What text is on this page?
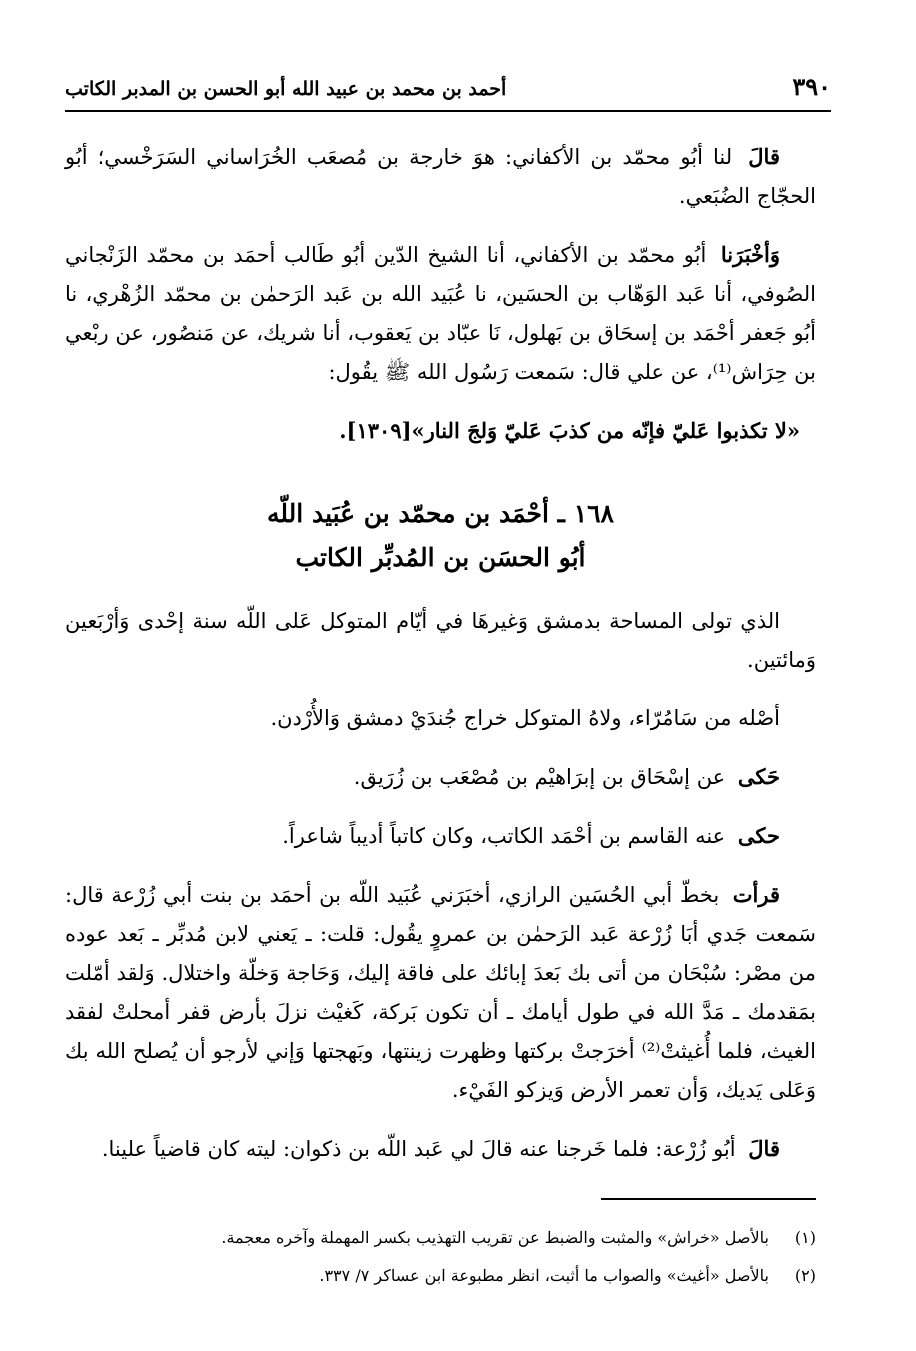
٣٩٠
أحمد بن محمد بن عبيد الله أبو الحسن بن المدبر الكاتب

قالَ لنا أبُو محمّد بن الأكفاني: هوَ خارجة بن مُصعَب الخُرَاساني السَرَخْسي؛ أبُو الحجّاج الضُبَعي.

وَأخْبَرَنا أبُو محمّد بن الأكفاني، أنا الشيخ الدّين أبُو طَالب أحمَد بن محمّد الزَنْجاني الصُوفي، أنا عَبد الوَهّاب بن الحسَين، نا عُبَيد الله بن عَبد الرَحمٰن بن محمّد الزُهْري، نا أبُو جَعفر أحْمَد بن إسحَاق بن بَهلول، نَا عبّاد بن يَعقوب، أنا شريك، عن مَنصُور، عن ربْعي بن حِرَاش⁽¹⁾، عن علي قال: سَمعت رَسُول الله ﷺ يقُول:

«لا تكذبوا عَليّ فإنّه من كذبَ عَليّ وَلجَ النار»[١٣٠٩].

١٦٨ ـ أحْمَد بن محمّد بن عُبَيد اللّه
أبُو الحسَن بن المُدبِّر الكاتب

الذي تولى المساحة بدمشق وَغيرهَا في أيّام المتوكل عَلى اللّه سنة إحْدى وَأرْبَعين وَمائتين.

أصْله من سَامُرّاء، ولاهُ المتوكل خراج جُندَيْ دمشق وَالأُرْدن.

حَكى عن إسْحَاق بن إبرَاهيْم بن مُصْعَب بن زُرَيق.

حكى عنه القاسم بن أحْمَد الكاتب، وكان كاتباً أديباً شاعراً.

قرأت بخطّ أبي الحُسَين الرازي، أخبَرَني عُبَيد اللّه بن أحمَد بن بنت أبي زُرْعة قال: سَمعت جَدي أبَا زُرْعة عَبد الرَحمٰن بن عمروٍ يقُول: قلت: ـ يَعني لابن مُدبِّر ـ بَعد عوده من مصْر: سُبْحَان من أتى بك بَعدَ إبائك على فاقة إليك، وَحَاجة وَخلّة واختلال. وَلقد أمّلت بمَقدمك ـ مَدَّ الله في طول أيامك ـ أن تكون بَركة، كَغيْث نزلَ بأرض قفر أمحلتْ لفقد الغيث، فلما أُغيثتْ⁽²⁾ أخرَجتْ بركتها وظهرت زينتها، وبَهجتها وَإني لأرجو أن يُصلح الله بك وَعَلى يَديك، وَأن تعمر الأرض وَيزكو الفَيْء.

قالَ أبُو زُرْعة: فلما خَرجنا عنه قالَ لي عَبد اللّه بن ذكوان: ليته كان قاضياً علينا.

(١) بالأصل «خراش» والمثبت والضبط عن تقريب التهذيب بكسر المهملة وآخره معجمة.
(٢) بالأصل «أغيث» والصواب ما أثبت، انظر مطبوعة ابن عساكر ٧/ ٣٣٧.
